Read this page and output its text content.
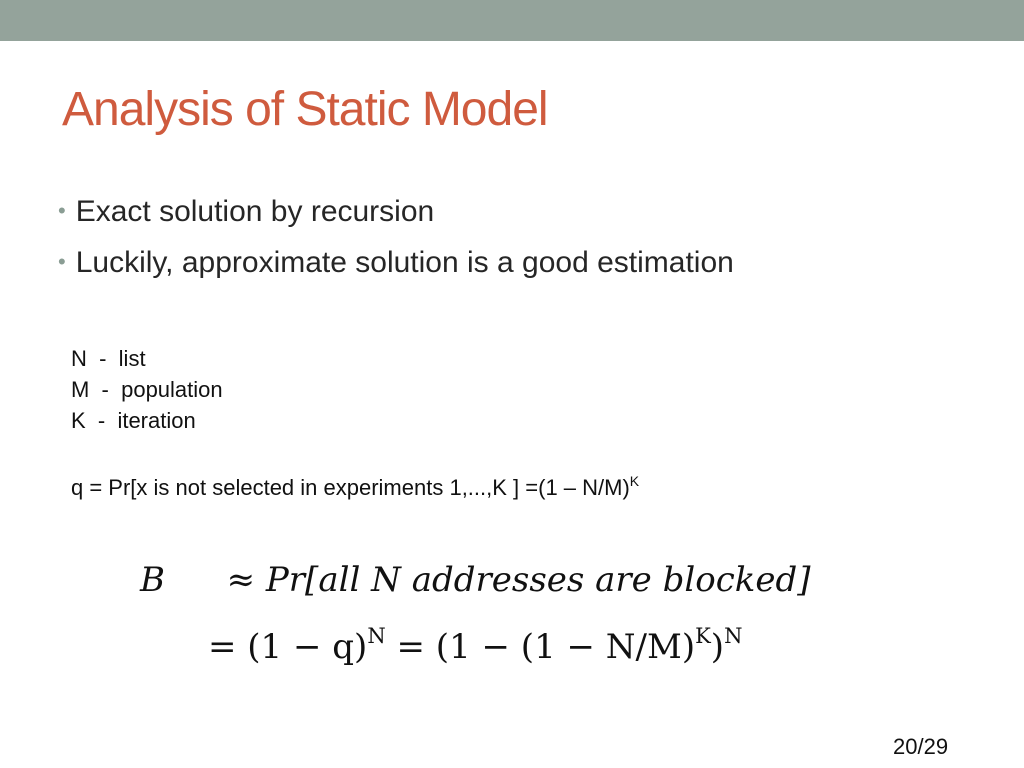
Analysis of Static Model
• Exact solution by recursion
• Luckily, approximate solution is a good estimation
N  -  list
M  -  population
K  -  iteration
q = Pr[x is not selected in experiments 1,...,K ] =(1 – N/M)$^K$
B ≈ Pr[all N addresses are blocked]
= $(1 - q)^N = (1 - (1 - N/M)^K)^N$
20/29
